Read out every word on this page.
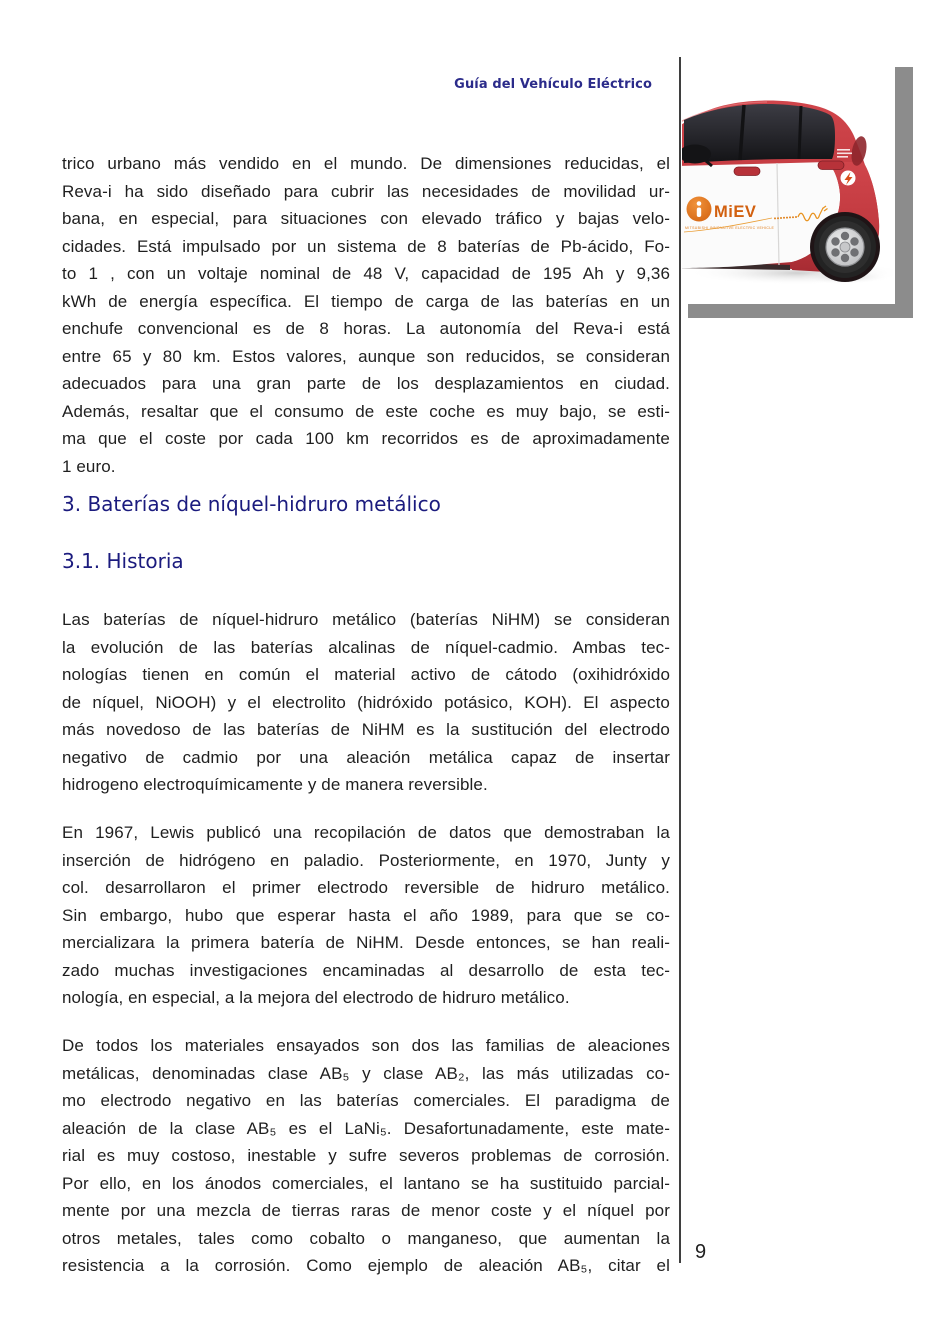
Guía del Vehículo Eléctrico
MiEV
MITSUBISHI INNOVATIVE ELECTRIC VEHICLE
trico urbano más vendido en el mundo. De dimensiones reducidas, el
Reva-i ha sido diseñado para cubrir las necesidades de movilidad ur-
bana, en especial, para situaciones con elevado tráfico y bajas velo-
cidades. Está impulsado por un sistema de 8 baterías de Pb-ácido, Fo-
to 1 , con un voltaje nominal de 48 V, capacidad de 195 Ah y 9,36
kWh de energía específica. El tiempo de carga de las baterías en un
enchufe convencional es de 8 horas. La autonomía del Reva-i está
entre 65 y 80 km. Estos valores, aunque son reducidos, se consideran
adecuados para una gran parte de los desplazamientos en ciudad.
Además, resaltar que el consumo de este coche es muy bajo, se esti-
ma que el coste por cada 100 km recorridos es de aproximadamente
1 euro.
3. Baterías de níquel-hidruro metálico
3.1. Historia
Las baterías de níquel-hidruro metálico (baterías NiHM) se consideran
la evolución de las baterías alcalinas de níquel-cadmio. Ambas tec-
nologías tienen en común el material activo de cátodo (oxihidróxido
de níquel, NiOOH) y el electrolito (hidróxido potásico, KOH). El aspecto
más novedoso de las baterías de NiHM es la sustitución del electrodo
negativo de cadmio por una aleación metálica capaz de insertar
hidrogeno electroquímicamente y de manera reversible.
En 1967, Lewis publicó una recopilación de datos que demostraban la
inserción de hidrógeno en paladio. Posteriormente, en 1970, Junty y
col. desarrollaron el primer electrodo reversible de hidruro metálico.
Sin embargo, hubo que esperar hasta el año 1989, para que se co-
mercializara la primera batería de NiHM. Desde entonces, se han reali-
zado muchas investigaciones encaminadas al desarrollo de esta tec-
nología, en especial, a la mejora del electrodo de hidruro metálico.
De todos los materiales ensayados son dos las familias de aleaciones
metálicas, denominadas clase AB₅ y clase AB₂, las más utilizadas co-
mo electrodo negativo en las baterías comerciales. El paradigma de
aleación de la clase AB₅ es el LaNi₅. Desafortunadamente, este mate-
rial es muy costoso, inestable y sufre severos problemas de corrosión.
Por ello, en los ánodos comerciales, el lantano se ha sustituido parcial-
mente por una mezcla de tierras raras de menor coste y el níquel por
otros metales, tales como cobalto o manganeso, que aumentan la
resistencia a la corrosión. Como ejemplo de aleación AB₅, citar el
9
